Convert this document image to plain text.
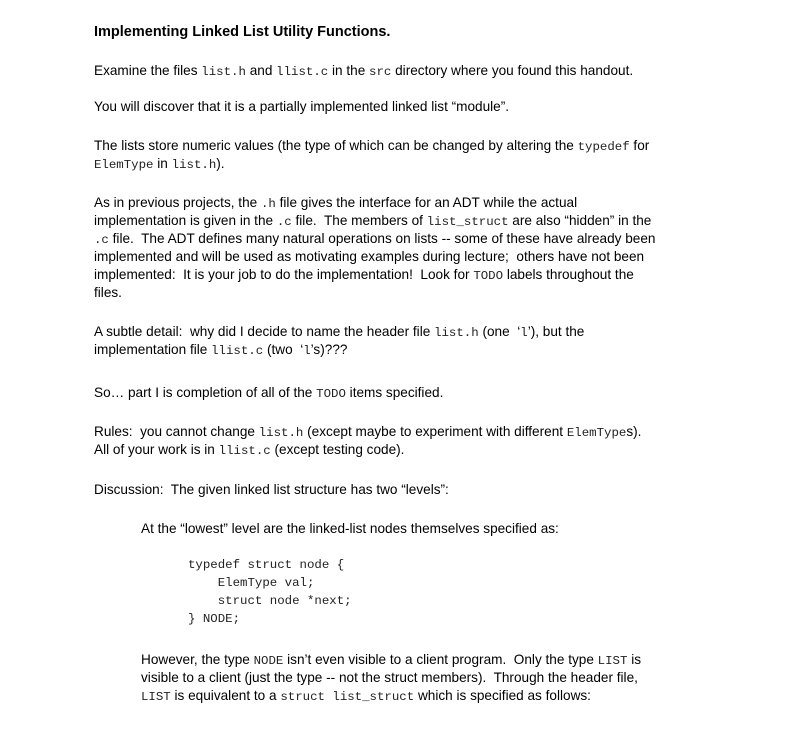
Implementing Linked List Utility Functions.
Examine the files list.h and llist.c in the src directory where you found this handout.
You will discover that it is a partially implemented linked list “module”.
The lists store numeric values (the type of which can be changed by altering the typedef for
ElemType in list.h).
As in previous projects, the .h file gives the interface for an ADT while the actual
implementation is given in the .c file.  The members of list_struct are also “hidden” in the
.c file.  The ADT defines many natural operations on lists -- some of these have already been
implemented and will be used as motivating examples during lecture;  others have not been
implemented:  It is your job to do the implementation!  Look for TODO labels throughout the
files.
A subtle detail:  why did I decide to name the header file list.h (one  ‘l’), but the
implementation file llist.c (two  ‘l’s)???
So… part I is completion of all of the TODO items specified.
Rules:  you cannot change list.h (except maybe to experiment with different ElemTypes).
All of your work is in llist.c (except testing code).
Discussion:  The given linked list structure has two “levels”:
At the “lowest” level are the linked-list nodes themselves specified as:
typedef struct node {
ElemType val;
struct node *next;
} NODE;
However, the type NODE isn’t even visible to a client program.  Only the type LIST is
visible to a client (just the type -- not the struct members).  Through the header file,
LIST is equivalent to a struct list_struct which is specified as follows:
